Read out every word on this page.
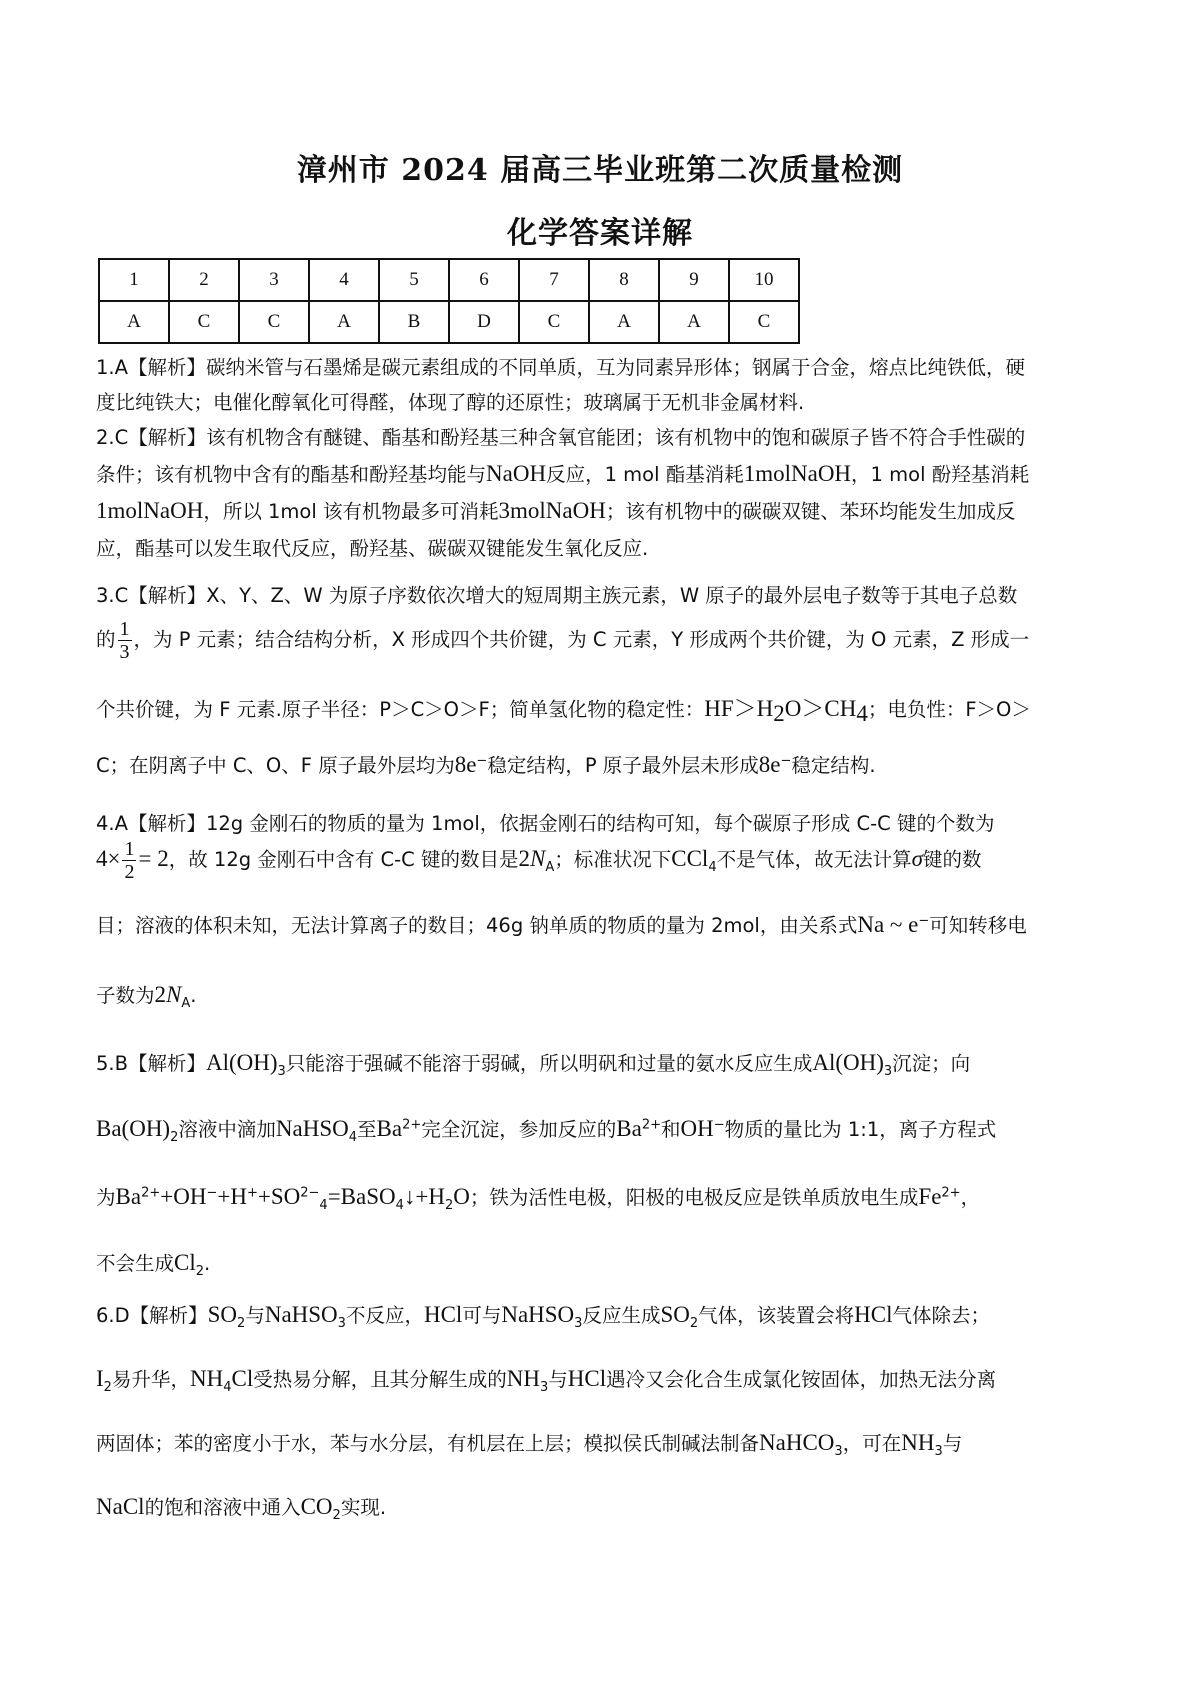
漳州市 2024 届高三毕业班第二次质量检测
化学答案详解
1	2	3	4	5	6	7	8	9	10
A	C	C	A	B	D	C	A	A	C
1.A【解析】碳纳米管与石墨烯是碳元素组成的不同单质，互为同素异形体；钢属于合金，熔点比纯铁低，硬
度比纯铁大；电催化醇氧化可得醛，体现了醇的还原性；玻璃属于无机非金属材料.
2.C【解析】该有机物含有醚键、酯基和酚羟基三种含氧官能团；该有机物中的饱和碳原子皆不符合手性碳的
条件；该有机物中含有的酯基和酚羟基均能与NaOH反应，1 mol 酯基消耗1molNaOH，1 mol 酚羟基消耗
1molNaOH，所以 1mol 该有机物最多可消耗3molNaOH；该有机物中的碳碳双键、苯环均能发生加成反
应，酯基可以发生取代反应，酚羟基、碳碳双键能发生氧化反应.
3.C【解析】X、Y、Z、W 为原子序数依次增大的短周期主族元素，W 原子的最外层电子数等于其电子总数
的 $\frac{1}{3}$ ，为 P 元素；结合结构分析，X 形成四个共价键，为 C 元素，Y 形成两个共价键，为 O 元素，Z 形成一
个共价键，为 F 元素.原子半径：P＞C＞O＞F；简单氢化物的稳定性：$HF>H_2O>CH_4$；电负性：F＞O＞
C；在阴离子中 C、O、F 原子最外层均为8e−稳定结构，P 原子最外层未形成8e−稳定结构.
4.A【解析】12g 金刚石的物质的量为 1mol，依据金刚石的结构可知，每个碳原子形成 C-C 键的个数为
$4\times \frac{1}{2} = 2$，故 12g 金刚石中含有 C-C 键的数目是$2N_A$；标准状况下CCl$_4$不是气体，故无法计算σ键的数
目；溶液的体积未知，无法计算离子的数目；46g 钠单质的物质的量为 2mol，由关系式Na ~ e−可知转移电
子数为$2N_A$.
5.B【解析】$Al(OH)_3$只能溶于强碱不能溶于弱碱，所以明矾和过量的氨水反应生成$Al(OH)_3$沉淀；向
$Ba(OH)_2$溶液中滴加NaHSO$_4$至$Ba^{2+}$完全沉淀，参加反应的$Ba^{2+}$和OH−物质的量比为 1:1，离子方程式
为$Ba^{2+}+OH^-+H^++SO^{2-}_4=BaSO_4↓+H_2O$；铁为活性电极，阳极的电极反应是铁单质放电生成$Fe^{2+}$，
不会生成$Cl_2$.
6.D【解析】$SO_2$与NaHSO$_3$不反应，HCl可与NaHSO$_3$反应生成$SO_2$气体，该装置会将HCl气体除去；
$I_2$易升华，$NH_4Cl$受热易分解，且其分解生成的$NH_3$与HCl遇冷又会化合生成氯化铵固体，加热无法分离
两固体；苯的密度小于水，苯与水分层，有机层在上层；模拟侯氏制碱法制备NaHCO$_3$，可在$NH_3$与
NaCl的饱和溶液中通入$CO_2$实现.
